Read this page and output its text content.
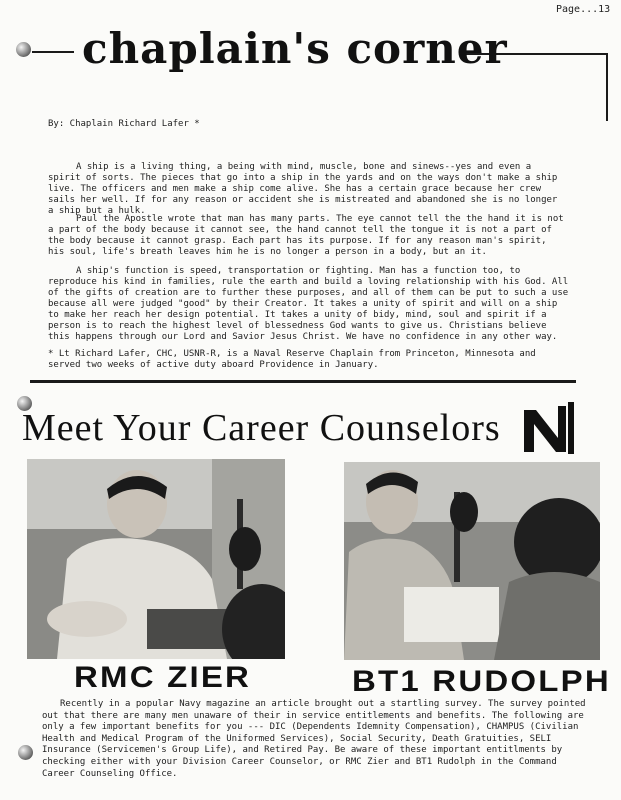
Page...13
chaplain's corner
By: Chaplain Richard Lafer *

A ship is a living thing, a being with mind, muscle, bone and sinews--yes and even a spirit of sorts. The pieces that go into a ship in the yards and on the ways don't make a ship live. The officers and men make a ship come alive. She has a certain grace because her crew sails her well. If for any reason or accident she is mistreated and abandoned she is no longer a ship but a hulk.

Paul the Apostle wrote that man has many parts. The eye cannot tell the the hand it is not a part of the body because it cannot see, the hand cannot tell the tongue it is not a part of the body because it cannot grasp. Each part has its purpose. If for any reason man's spirit, his soul, life's breath leaves him he is no longer a person in a body, but an it.

A ship's function is speed, transportation or fighting. Man has a function too, to reproduce his kind in families, rule the earth and build a loving relationship with his God. All of the gifts of creation are to further these purposes, and all of them can be put to such a use because all were judged "good" by their Creator. It takes a unity of spirit and will on a ship to make her reach her design potential. It takes a unity of bidy, mind, soul and spirit if a person is to reach the highest level of blessedness God wants to give us. Christians believe this happens through our Lord and Savior Jesus Christ. We have no confidence in any other way.

* Lt Richard Lafer, CHC, USNR-R, is a Naval Reserve Chaplain from Princeton, Minnesota and served two weeks of active duty aboard Providence in January.

Meet Your Career Counselors
RMC ZIER	BT1 RUDOLPH

Recently in a popular Navy magazine an article brought out a startling survey. The survey pointed out that there are many men unaware of their in service entitlements and benefits. The following are only a few important benefits for you --- DIC (Dependents Idemnity Compensation), CHAMPUS (Civilian Health and Medical Program of the Uniformed Services), Social Security, Death Gratuities, SELI Insurance (Servicemen's Group Life), and Retired Pay. Be aware of these important entitlments by checking either with your Division Career Counselor, or RMC Zier and BT1 Rudolph in the Command Career Counseling Office.
